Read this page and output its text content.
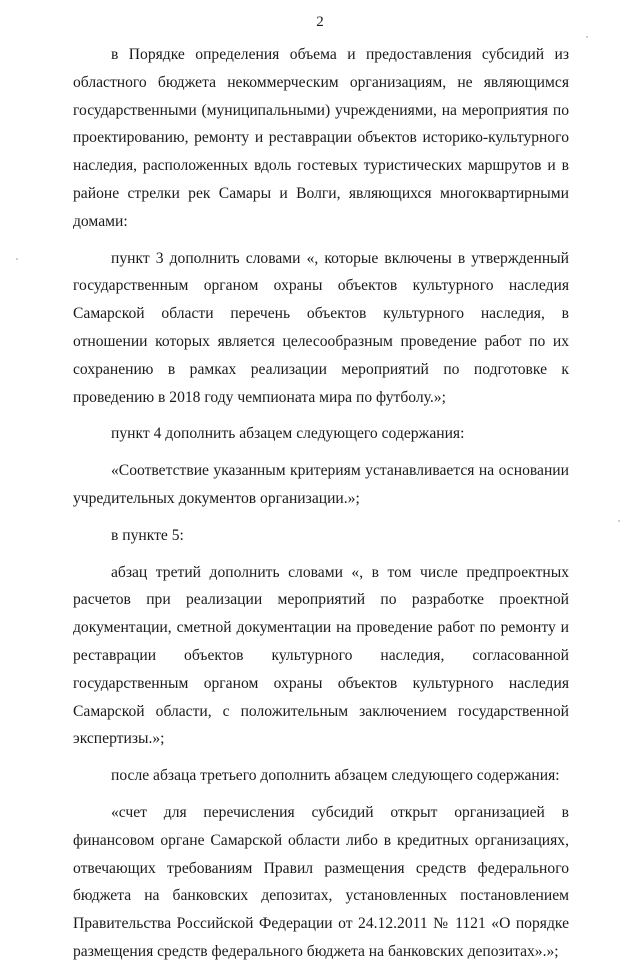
2

в Порядке определения объема и предоставления субсидий из областного бюджета некоммерческим организациям, не являющимся государственными (муниципальными) учреждениями, на мероприятия по проектированию, ремонту и реставрации объектов историко-культурного наследия, расположенных вдоль гостевых туристических маршрутов и в районе стрелки рек Самары и Волги, являющихся многоквартирными домами:

пункт 3 дополнить словами «, которые включены в утвержденный государственным органом охраны объектов культурного наследия Самарской области перечень объектов культурного наследия, в отношении которых является целесообразным проведение работ по их сохранению в рамках реализации мероприятий по подготовке к проведению в 2018 году чемпионата мира по футболу.»;

пункт 4 дополнить абзацем следующего содержания:

«Соответствие указанным критериям устанавливается на основании учредительных документов организации.»;

в пункте 5:

абзац третий дополнить словами «, в том числе предпроектных расчетов при реализации мероприятий по разработке проектной документации, сметной документации на проведение работ по ремонту и реставрации объектов культурного наследия, согласованной государственным органом охраны объектов культурного наследия Самарской области, с положительным заключением государственной экспертизы.»;

после абзаца третьего дополнить абзацем следующего содержания:

«счет для перечисления субсидий открыт организацией в финансовом органе Самарской области либо в кредитных организациях, отвечающих требованиям Правил размещения средств федерального бюджета на банковских депозитах, установленных постановлением Правительства Российской Федерации от 24.12.2011 № 1121 «О порядке размещения средств федерального бюджета на банковских депозитах».»;
